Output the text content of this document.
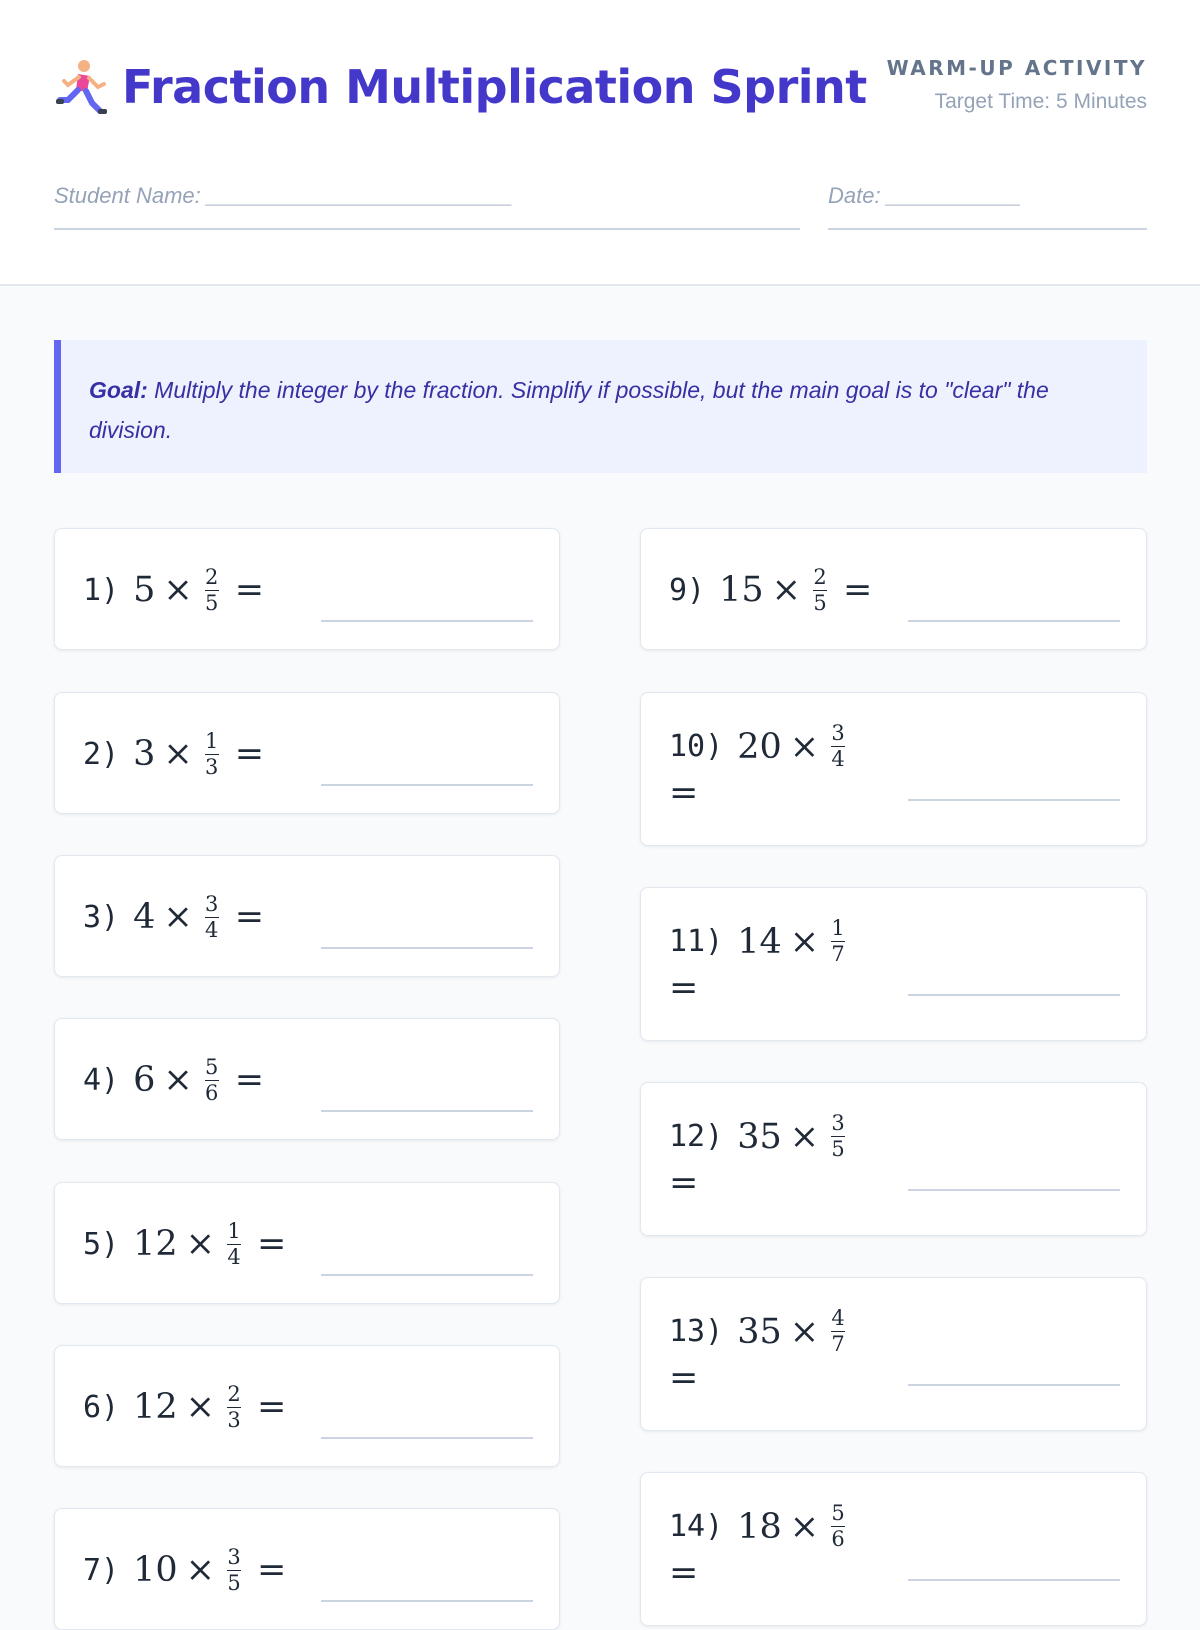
Fraction Multiplication Sprint WARM-UP ACTIVITY
Target Time: 5 Minutes
Student Name: _________________________	Date: ___________
Goal: Multiply the integer by the fraction. Simplify if possible, but the main goal is to "clear" the division.
1) $5 \times \frac{2}{5}$ =
2) $3 \times \frac{1}{3}$ =
3) $4 \times \frac{3}{4}$ =
4) $6 \times \frac{5}{6}$ =
5) $12 \times \frac{1}{4}$ =
6) $12 \times \frac{2}{3}$ =
7) $10 \times \frac{3}{5}$ =
9) $15 \times \frac{2}{5}$ =
10) $20 \times \frac{3}{4}$
=
11) $14 \times \frac{1}{7}$
=
12) $35 \times \frac{3}{5}$
=
13) $35 \times \frac{4}{7}$
=
14) $18 \times \frac{5}{6}$
=
